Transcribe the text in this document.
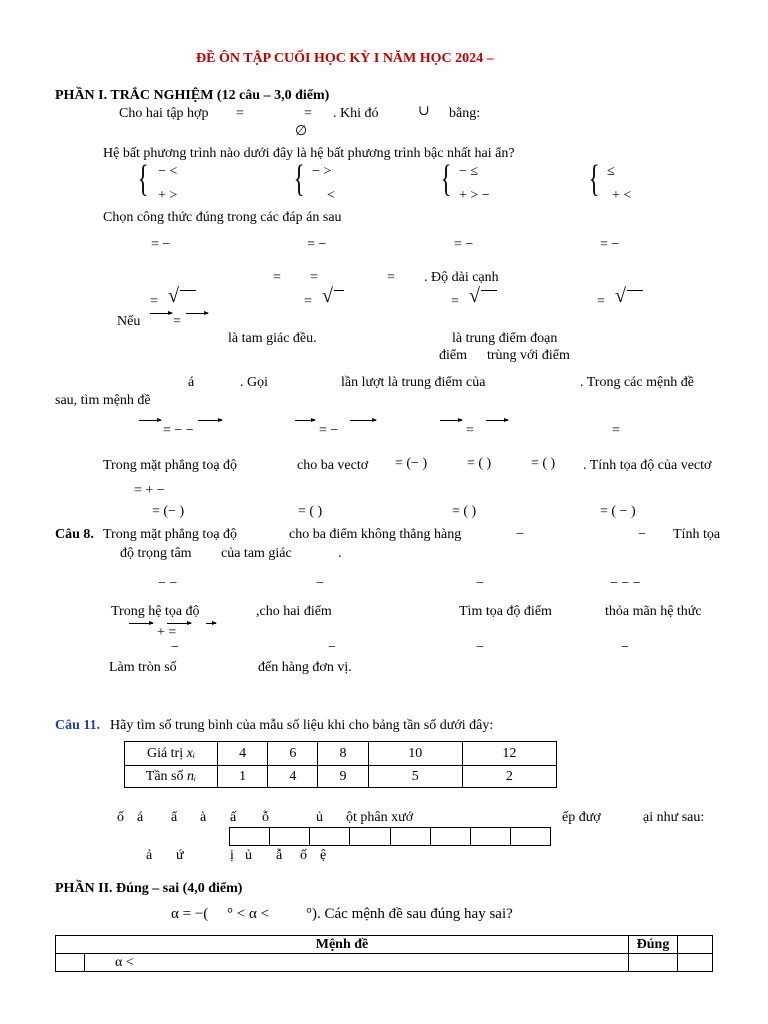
ĐỀ ÔN TẬP CUỐI HỌC KỲ I NĂM HỌC 2024 –
PHẦN I. TRẮC NGHIỆM (12 câu – 3,0 điểm)
Cho hai tập hợp =	= . Khi đó	∪ bằng:
∅
Hệ bất phương trình nào dưới đây là hệ bất phương trình bậc nhất hai ẩn?
{ − <
+ >	{ − >
<	{ − ≤
+ > −	{ ≤
+ <
Chọn công thức đúng trong các đáp án sau
= −	= −	= −	= −
= =	= . Độ dài cạnh
= √	= √	= √	= √
Nếu =
là tam giác đều.	là trung điểm đoạn
điểm trùng với điểm
á	. Gọi	lần lượt là trung điểm của	. Trong các mệnh đề
sau, tìm mệnh đề
= − −	= −	=	=
Trong mặt phẳng toạ độ	cho ba vectơ = (− )	= ( )	= ( ) . Tính tọa độ của vectơ
= + −
= (− )	= ( )	= ( )	= ( − )
Câu 8. Trong mặt phẳng toạ độ	cho ba điểm không thẳng hàng	−	− Tính tọa
độ trọng tâm của tam giác	.
− −	−	−	− − −
Trong hệ tọa độ	,cho hai điểm	Tìm tọa độ điểm	thỏa mãn hệ thức
+ =
−	−	−	−
Làm tròn số	đến hàng đơn vị.
Câu 11. Hãy tìm số trung bình của mẫu số liệu khi cho bảng tần số dưới đây:
Giá trị xᵢ	4	6	8	10	12
Tần số nᵢ	1	4	9	5	2
ố á ẩ à ấ ỗ	ủ ột phân xướ	ếp đượ	ại như sau:

ả ứ	ị ủ ẫ ố ệ
PHẦN II. Đúng – sai (4,0 điểm)
α = −( ° < α < °). Các mệnh đề sau đúng hay sai?
Mệnh đề		Đúng	
	α <		
